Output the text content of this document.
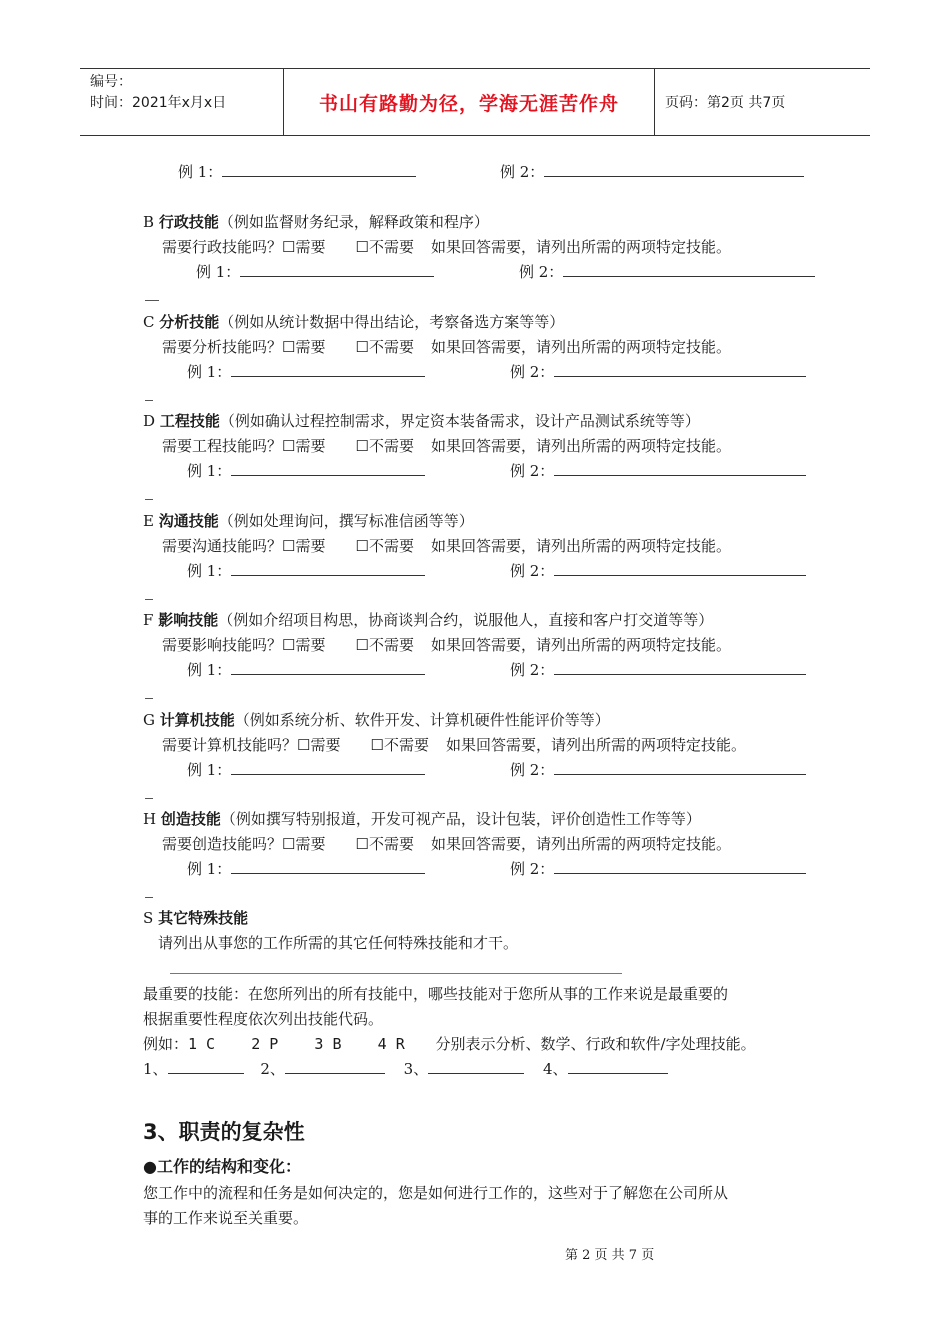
编号：
时间：2021年x月x日	书山有路勤为径，学海无涯苦作舟	页码：第2页 共7页
例 1：	例 2：
B 行政技能（例如监督财务纪录，解释政策和程序）
需要行政技能吗？☐需要 ☐不需要 如果回答需要，请列出所需的两项特定技能。
例 1：	例 2：
C 分析技能（例如从统计数据中得出结论，考察备选方案等等）
需要分析技能吗？☐需要 ☐不需要 如果回答需要，请列出所需的两项特定技能。
例 1：	例 2：
D 工程技能（例如确认过程控制需求，界定资本装备需求，设计产品测试系统等等）
需要工程技能吗？☐需要 ☐不需要 如果回答需要，请列出所需的两项特定技能。
例 1：	例 2：
E 沟通技能（例如处理询问，撰写标准信函等等）
需要沟通技能吗？☐需要 ☐不需要 如果回答需要，请列出所需的两项特定技能。
例 1：	例 2：
F 影响技能（例如介绍项目构思，协商谈判合约，说服他人，直接和客户打交道等等）
需要影响技能吗？☐需要 ☐不需要 如果回答需要，请列出所需的两项特定技能。
例 1：	例 2：
G 计算机技能（例如系统分析、软件开发、计算机硬件性能评价等等）
需要计算机技能吗？☐需要 ☐不需要 如果回答需要，请列出所需的两项特定技能。
例 1：	例 2：
H 创造技能（例如撰写特别报道，开发可视产品，设计包装，评价创造性工作等等）
需要创造技能吗？☐需要 ☐不需要 如果回答需要，请列出所需的两项特定技能。
例 1：	例 2：
S 其它特殊技能
请列出从事您的工作所需的其它任何特殊技能和才干。
最重要的技能：在您所列出的所有技能中，哪些技能对于您所从事的工作来说是最重要的
根据重要性程度依次列出技能代码。
例如：1 C    2 P    3 B    4 R 分别表示分析、数学、行政和软件/字处理技能。
1、	2、	3、	4、
3、职责的复杂性
●工作的结构和变化：
您工作中的流程和任务是如何决定的，您是如何进行工作的，这些对于了解您在公司所从
事的工作来说至关重要。
第 2 页 共 7 页
